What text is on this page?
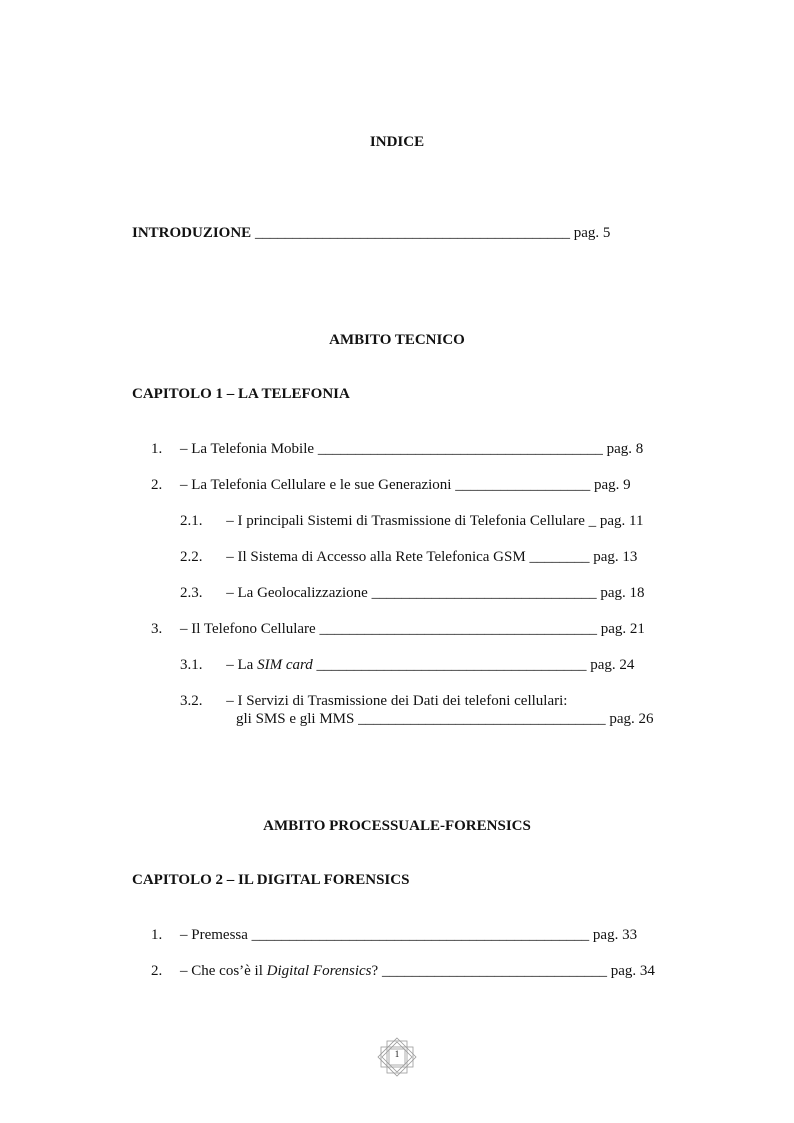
INDICE
INTRODUZIONE __________________________________________ pag. 5
AMBITO TECNICO
CAPITOLO 1 – LA TELEFONIA
1. – La Telefonia Mobile ______________________________________ pag. 8
2. – La Telefonia Cellulare e le sue Generazioni __________________ pag. 9
2.1. – I principali Sistemi di Trasmissione di Telefonia Cellulare _ pag. 11
2.2. – Il Sistema di Accesso alla Rete Telefonica GSM ________ pag. 13
2.3. – La Geolocalizzazione ______________________________ pag. 18
3. – Il Telefono Cellulare _____________________________________ pag. 21
3.1. – La SIM card ____________________________________ pag. 24
3.2. – I Servizi di Trasmissione dei Dati dei telefoni cellulari:
gli SMS e gli MMS _________________________________ pag. 26
AMBITO PROCESSUALE-FORENSICS
CAPITOLO 2 – IL DIGITAL FORENSICS
1. – Premessa _____________________________________________ pag. 33
2. – Che cos’è il Digital Forensics? ______________________________ pag. 34
1
